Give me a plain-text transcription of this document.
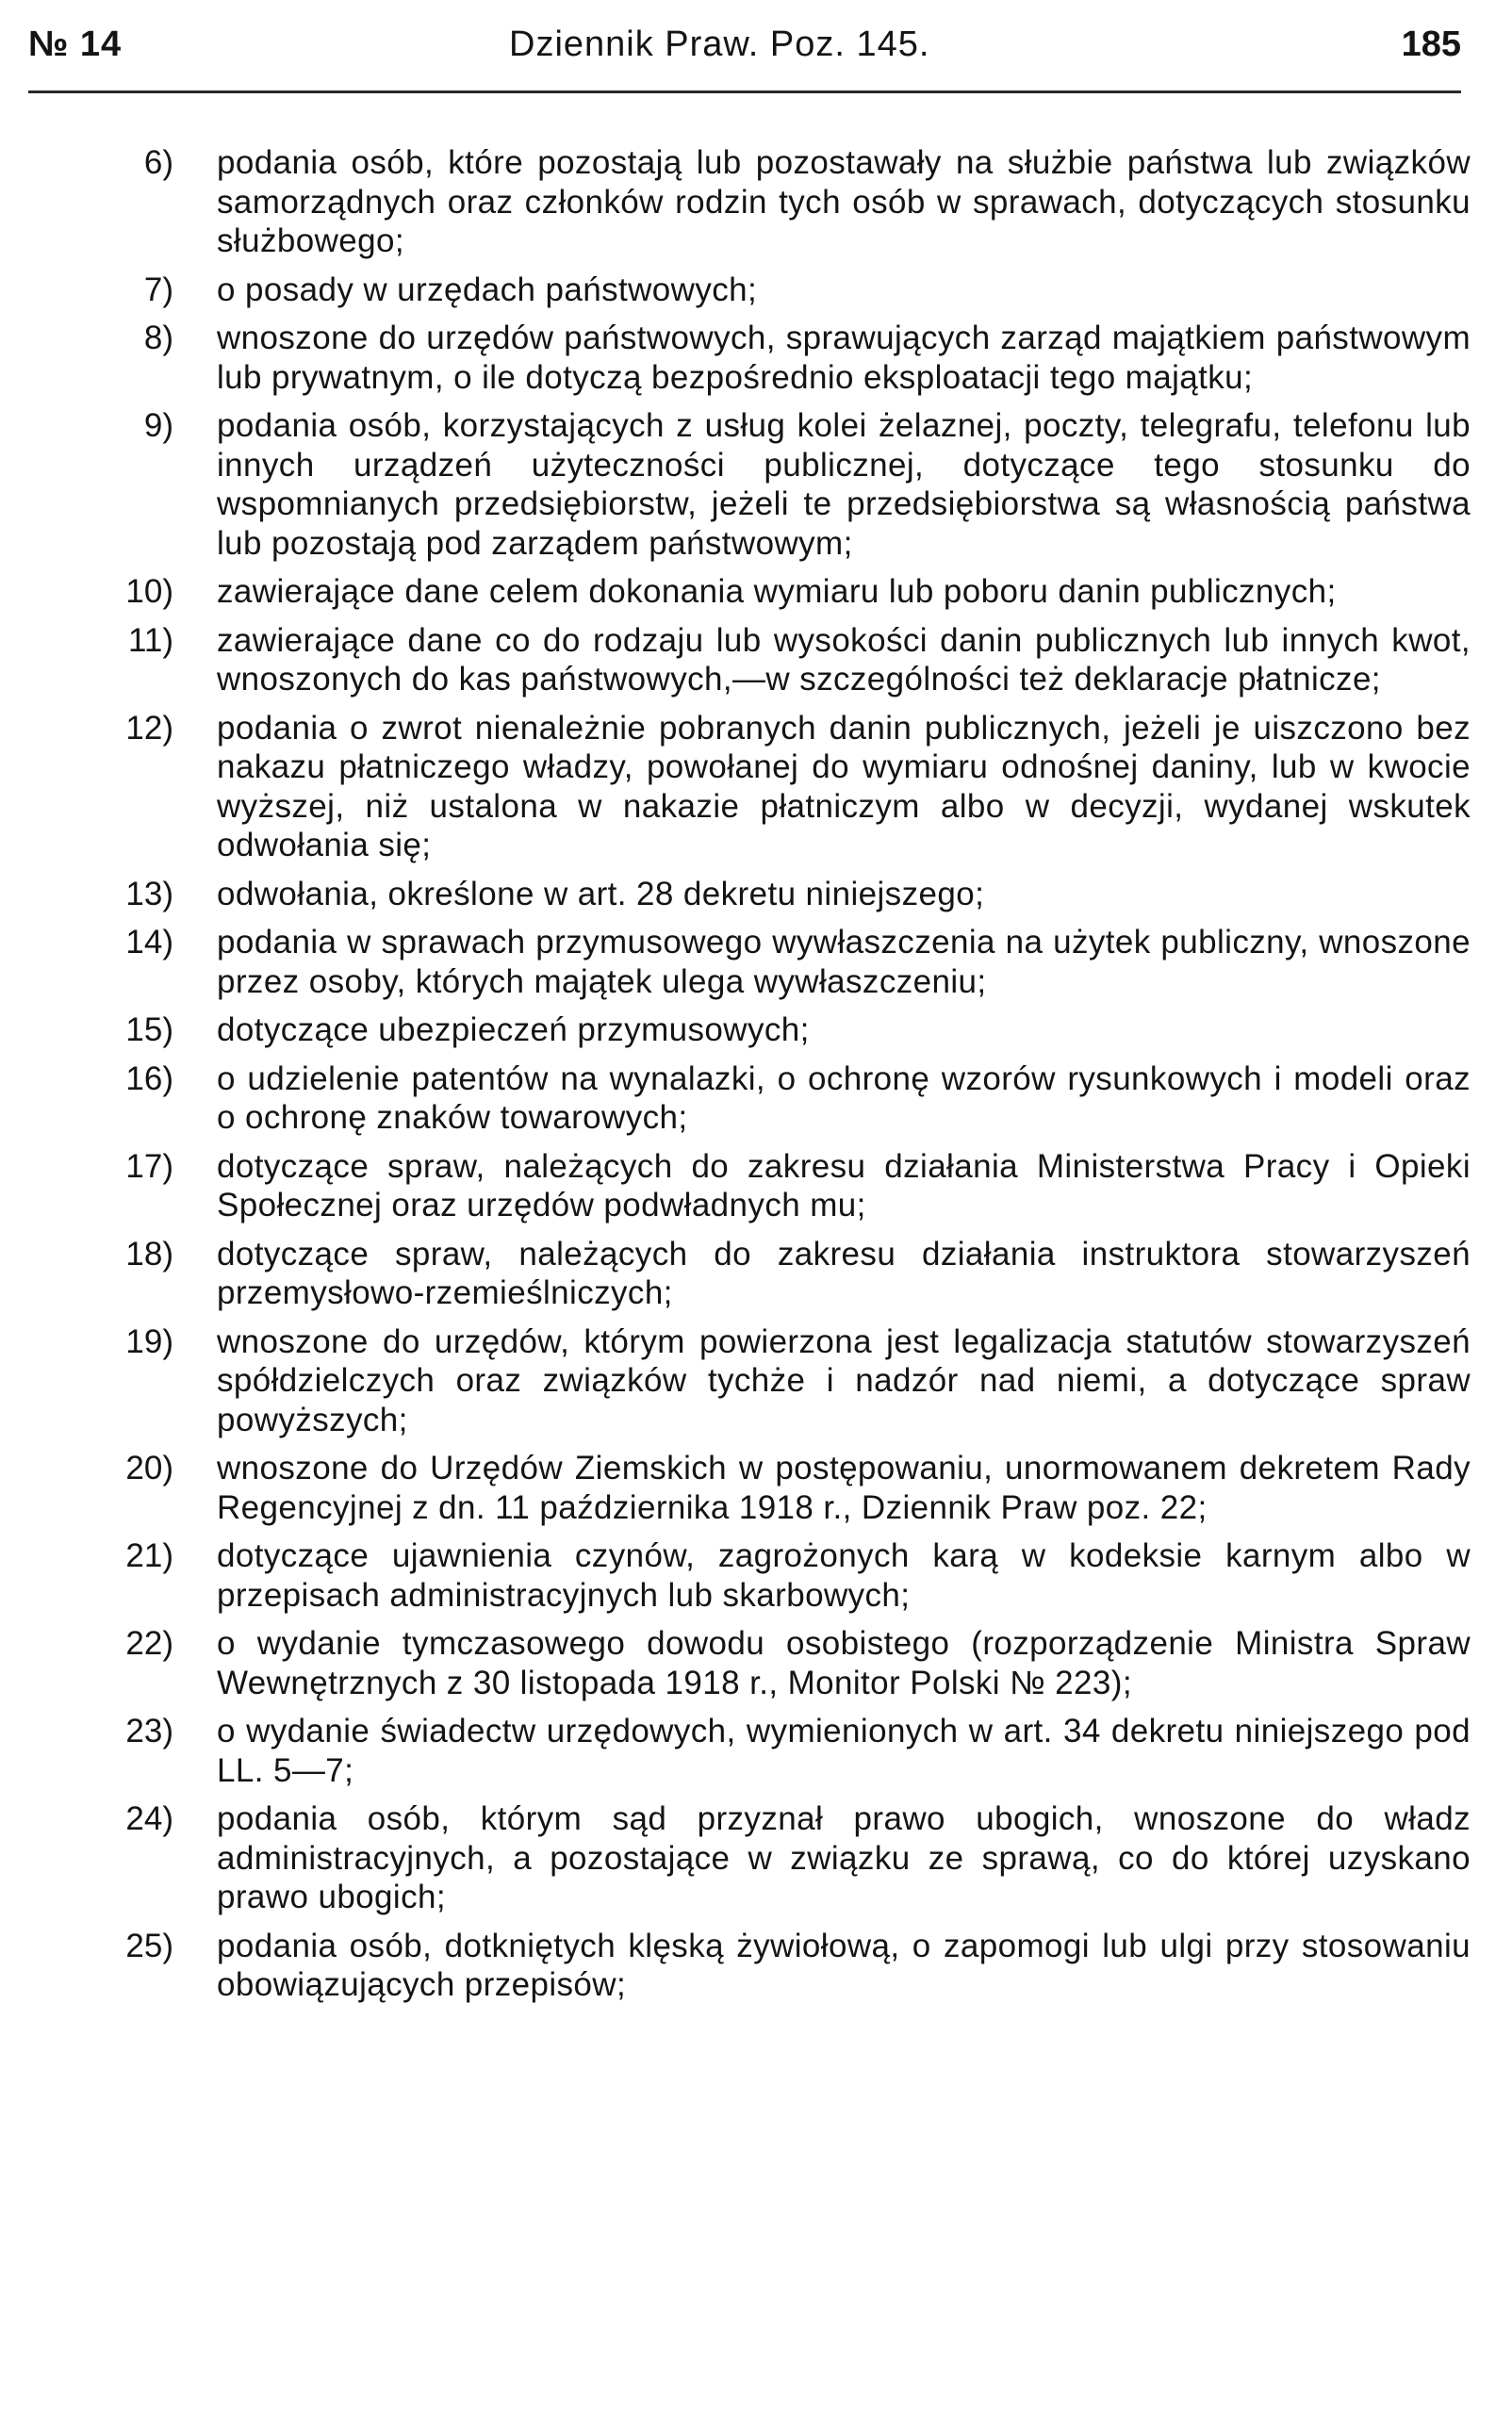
№ 14	Dziennik Praw. Poz. 145.	185
6) podania osób, które pozostają lub pozostawały na służbie państwa lub związków samorządnych oraz członków rodzin tych osób w sprawach, dotyczących stosunku służbowego;
7) o posady w urzędach państwowych;
8) wnoszone do urzędów państwowych, sprawujących zarząd majątkiem państwowym lub prywatnym, o ile dotyczą bezpośrednio eksploatacji tego majątku;
9) podania osób, korzystających z usług kolei żelaznej, poczty, telegrafu, telefonu lub innych urządzeń użyteczności publicznej, dotyczące tego stosunku do wspomnianych przedsiębiorstw, jeżeli te przedsiębiorstwa są własnością państwa lub pozostają pod zarządem państwowym;
10) zawierające dane celem dokonania wymiaru lub poboru danin publicznych;
11) zawierające dane co do rodzaju lub wysokości danin publicznych lub innych kwot, wnoszonych do kas państwowych,—w szczególności też deklaracje płatnicze;
12) podania o zwrot nienależnie pobranych danin publicznych, jeżeli je uiszczono bez nakazu płatniczego władzy, powołanej do wymiaru odnośnej daniny, lub w kwocie wyższej, niż ustalona w nakazie płatniczym albo w decyzji, wydanej wskutek odwołania się;
13) odwołania, określone w art. 28 dekretu niniejszego;
14) podania w sprawach przymusowego wywłaszczenia na użytek publiczny, wnoszone przez osoby, których majątek ulega wywłaszczeniu;
15) dotyczące ubezpieczeń przymusowych;
16) o udzielenie patentów na wynalazki, o ochronę wzorów rysunkowych i modeli oraz o ochronę znaków towarowych;
17) dotyczące spraw, należących do zakresu działania Ministerstwa Pracy i Opieki Społecznej oraz urzędów podwładnych mu;
18) dotyczące spraw, należących do zakresu działania instruktora stowarzyszeń przemysłowo-rzemieślniczych;
19) wnoszone do urzędów, którym powierzona jest legalizacja statutów stowarzyszeń spółdzielczych oraz związków tychże i nadzór nad niemi, a dotyczące spraw powyższych;
20) wnoszone do Urzędów Ziemskich w postępowaniu, unormowanem dekretem Rady Regencyjnej z dn. 11 października 1918 r., Dziennik Praw poz. 22;
21) dotyczące ujawnienia czynów, zagrożonych karą w kodeksie karnym albo w przepisach administracyjnych lub skarbowych;
22) o wydanie tymczasowego dowodu osobistego (rozporządzenie Ministra Spraw Wewnętrznych z 30 listopada 1918 r., Monitor Polski № 223);
23) o wydanie świadectw urzędowych, wymienionych w art. 34 dekretu niniejszego pod LL. 5—7;
24) podania osób, którym sąd przyznał prawo ubogich, wnoszone do władz administracyjnych, a pozostające w związku ze sprawą, co do której uzyskano prawo ubogich;
25) podania osób, dotkniętych klęską żywiołową, o zapomogi lub ulgi przy stosowaniu obowiązujących przepisów;
